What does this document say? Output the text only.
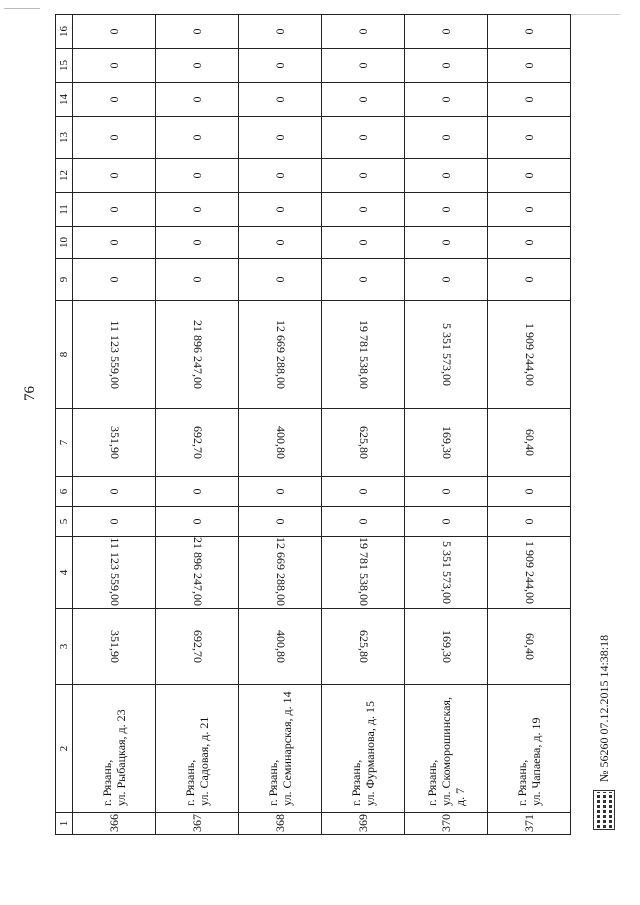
76
1	2	3	4	5	6	7	8	9	10	11	12	13	14	15	16
366	г. Рязань, ул. Рыбацкая, д. 23	351,90	11 123 559,00	0	0	351,90	11 123 559,00	0	0	0	0	0	0	0	0
367	г. Рязань, ул. Садовая, д. 21	692,70	21 896 247,00	0	0	692,70	21 896 247,00	0	0	0	0	0	0	0	0
368	г. Рязань, ул. Семинарская, д. 14	400,80	12 669 288,00	0	0	400,80	12 669 288,00	0	0	0	0	0	0	0	0
369	г. Рязань, ул. Фурманова, д. 15	625,80	19 781 538,00	0	0	625,80	19 781 538,00	0	0	0	0	0	0	0	0
370	г. Рязань, ул. Скоморошинская, д. 7	169,30	5 351 573,00	0	0	169,30	5 351 573,00	0	0	0	0	0	0	0	0
371	г. Рязань, ул. Чапаева, д. 19	60,40	1 909 244,00	0	0	60,40	1 909 244,00	0	0	0	0	0	0	0	0
№ 56260 07.12.2015 14:38:18
